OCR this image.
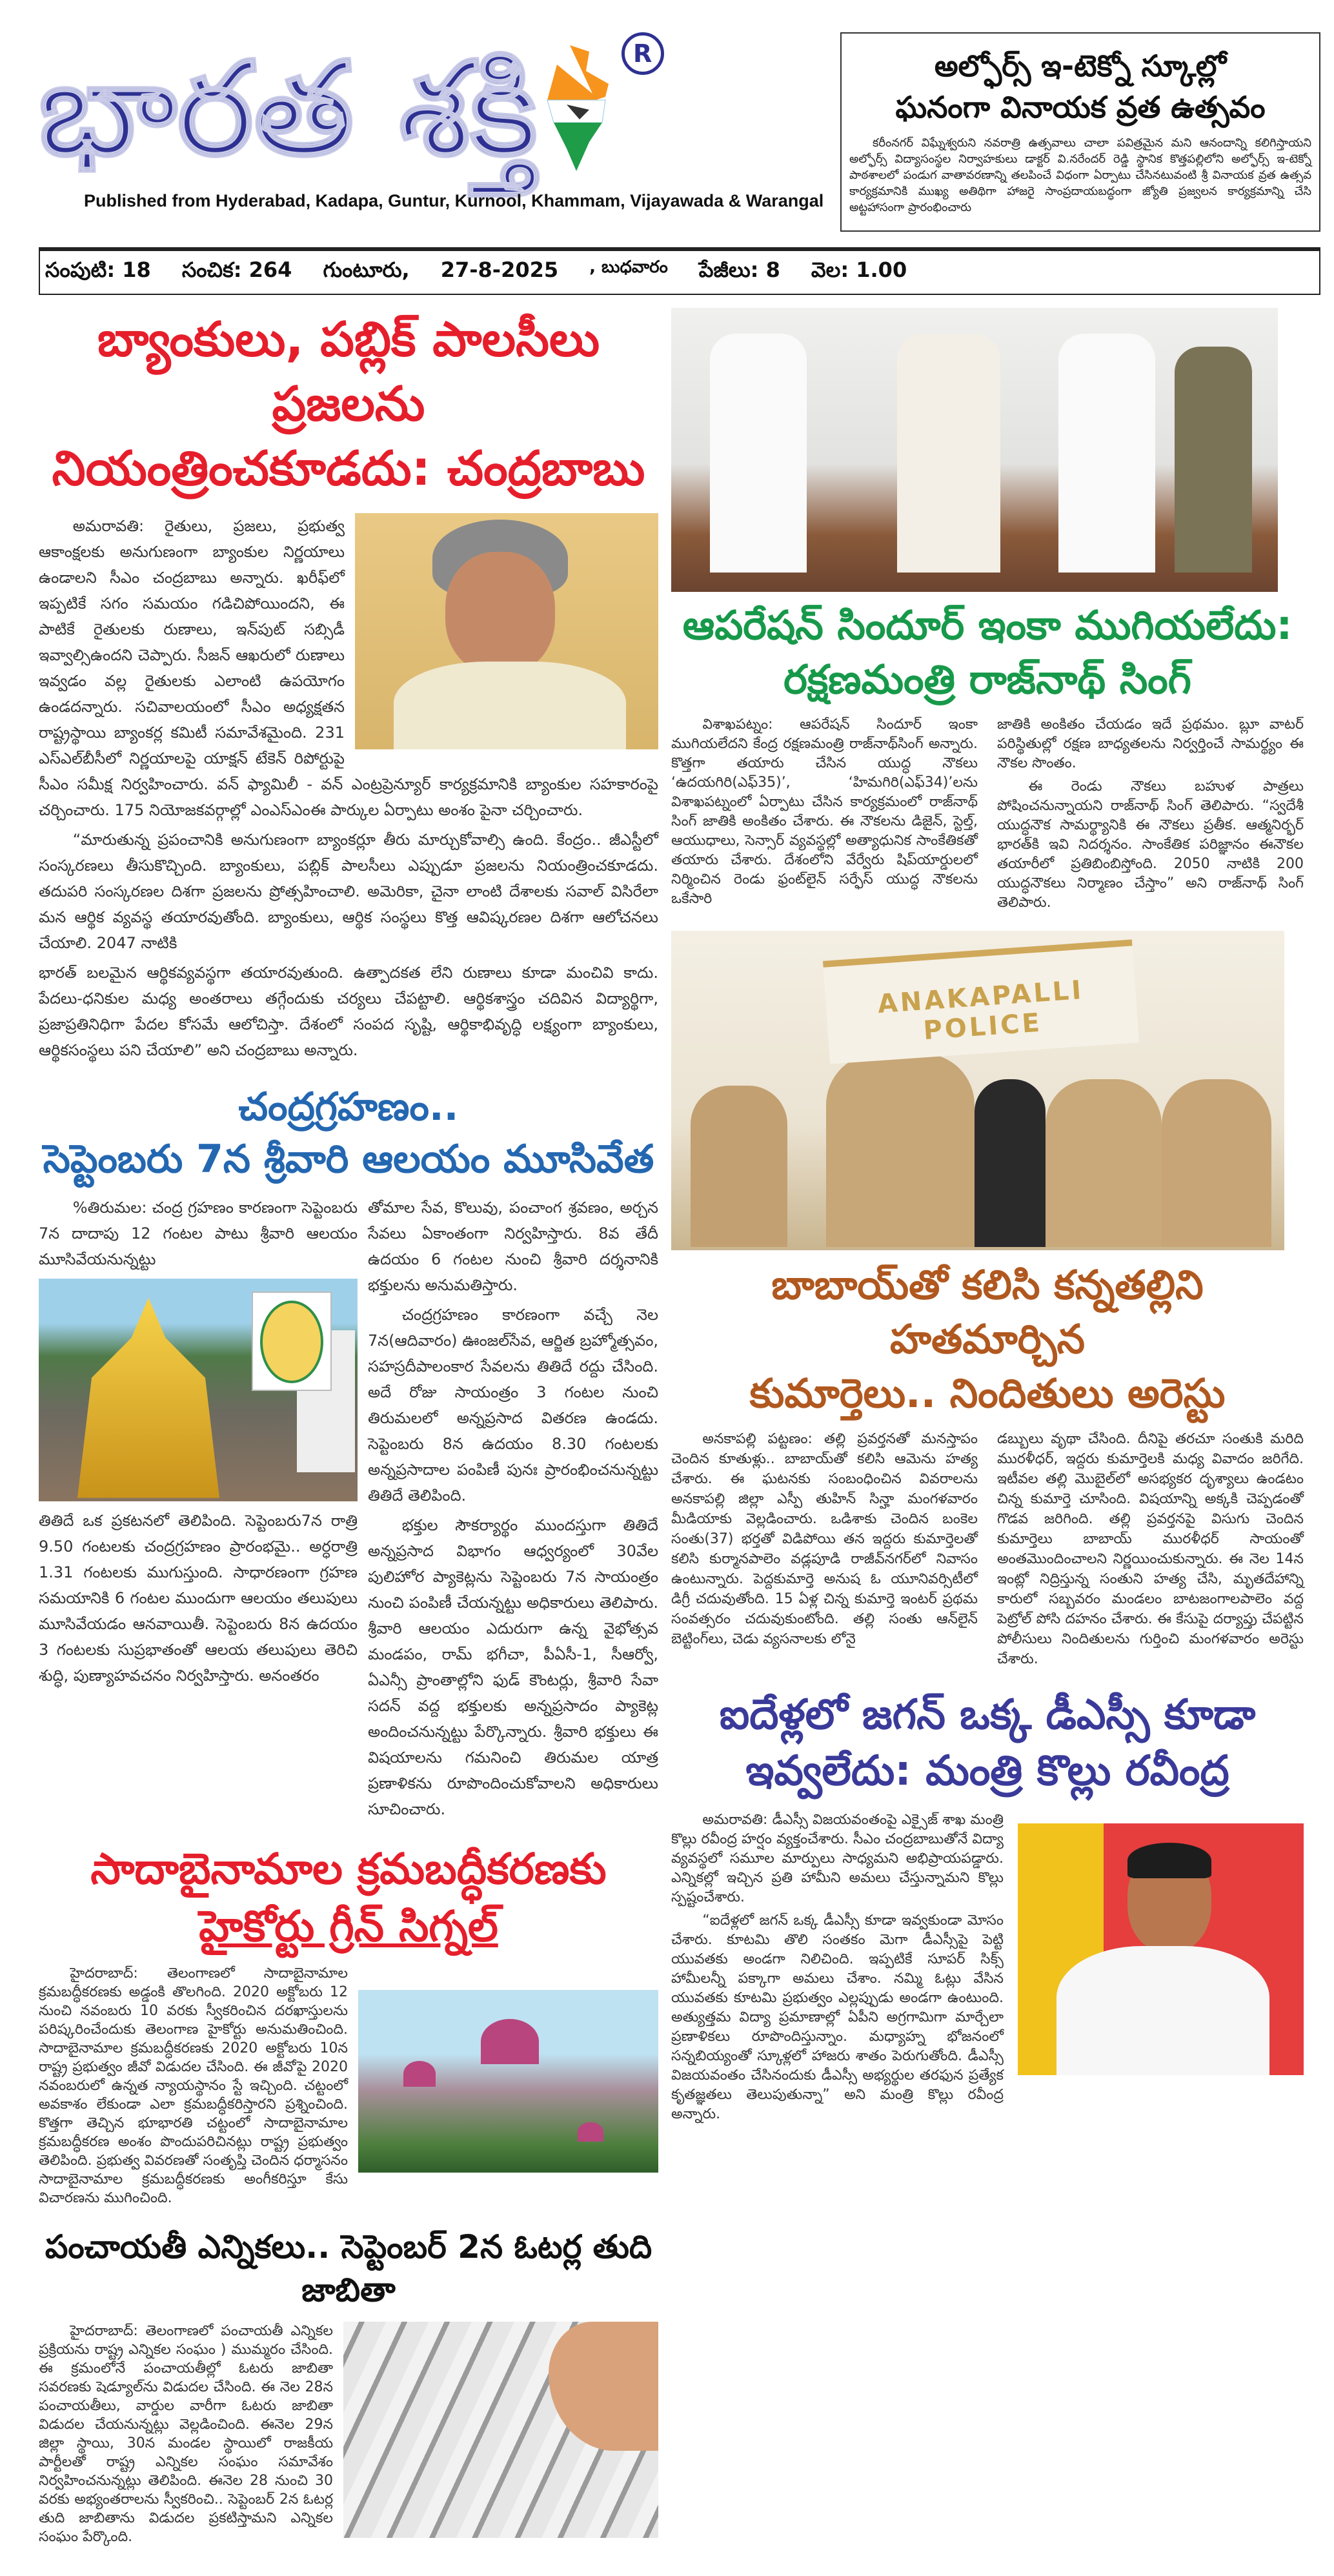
భారత శక్తి	R
Published from Hyderabad, Kadapa, Guntur, Kurnool, Khammam, Vijayawada & Warangal
అల్ఫోర్స్ ఇ-టెక్నో స్కూల్లో
ఘనంగా వినాయక వ్రత ఉత్సవం
కరీంనగర్ విఘ్నేశ్వరుని నవరాత్రి ఉత్సవాలు చాలా పవిత్రమైన మని ఆనందాన్ని కలిగిస్తాయని అల్ఫోర్స్ విద్యాసంస్థల నిర్వాహకులు డాక్టర్ వి.నరేందర్ రెడ్డి స్థానిక కొత్తపల్లిలోని అల్ఫోర్స్ ఇ-టెక్నో పాఠశాలలో పండుగ వాతావరణాన్ని తలపించే విధంగా ఏర్పాటు చేసినటువంటి శ్రీ వినాయక వ్రత ఉత్సవ కార్యక్రమానికి ముఖ్య అతిథిగా హాజరై సాంప్రదాయబద్ధంగా జ్యోతి ప్రజ్వలన కార్యక్రమాన్ని చేసి అట్టహాసంగా ప్రారంభించారు
సంపుటి: 18 సంచిక: 264 గుంటూరు, 27-8-2025 , బుధవారం పేజీలు: 8 వెల: 1.00
బ్యాంకులు, పబ్లిక్ పాలసీలు ప్రజలను
నియంత్రించకూడదు: చంద్రబాబు

అమరావతి: రైతులు, ప్రజలు, ప్రభుత్వ ఆకాంక్షలకు అనుగుణంగా బ్యాంకుల నిర్ణయాలు ఉండాలని సీఎం చంద్రబాబు అన్నారు. ఖరీఫ్‌లో ఇప్పటికే సగం సమయం గడిచిపోయిందని, ఈ పాటికే రైతులకు రుణాలు, ఇన్‌పుట్ సబ్సిడీ ఇవ్వాల్సిఉందని చెప్పారు. సీజన్ ఆఖరులో రుణాలు ఇవ్వడం వల్ల రైతులకు ఎలాంటి ఉపయోగం ఉండదన్నారు. సచివాలయంలో సీఎం అధ్యక్షతన రాష్ట్రస్థాయి బ్యాంకర్ల కమిటీ సమావేశమైంది. 231 ఎస్ఎల్‌బీసీలో నిర్ణయాలపై యాక్షన్ టేకెన్ రిపోర్టుపై సీఎం సమీక్ష నిర్వహించారు. వన్ ఫ్యామిలీ - వన్ ఎంట్రప్రెన్యూర్ కార్యక్రమానికి బ్యాంకుల సహకారంపై చర్చించారు. 175 నియోజకవర్గాల్లో ఎంఎస్ఎంఈ పార్కుల ఏర్పాటు అంశం పైనా చర్చించారు.

“మారుతున్న ప్రపంచానికి అనుగుణంగా బ్యాంకర్లూ తీరు మార్చుకోవాల్సి ఉంది. కేంద్రం.. జీఎస్టీలో సంస్కరణలు తీసుకొచ్చింది. బ్యాంకులు, పబ్లిక్ పాలసీలు ఎప్పుడూ ప్రజలను నియంత్రించకూడదు. తదుపరి సంస్కరణల దిశగా ప్రజలను ప్రోత్సహించాలి. అమెరికా, చైనా లాంటి దేశాలకు సవాల్ విసిరేలా మన ఆర్థిక వ్యవస్థ తయారవుతోంది. బ్యాంకులు, ఆర్థిక సంస్థలు కొత్త ఆవిష్కరణల దిశగా ఆలోచనలు చేయాలి. 2047 నాటికి

భారత్ బలమైన ఆర్థికవ్యవస్థగా తయారవుతుంది. ఉత్పాదకత లేని రుణాలు కూడా మంచివి కాదు. పేదలు-ధనికుల మధ్య అంతరాలు తగ్గేందుకు చర్యలు చేపట్టాలి. ఆర్థికశాస్త్రం చదివిన విద్యార్థిగా, ప్రజాప్రతినిధిగా పేదల కోసమే ఆలోచిస్తా. దేశంలో సంపద సృష్టి, ఆర్థికాభివృద్ధి లక్ష్యంగా బ్యాంకులు, ఆర్థికసంస్థలు పని చేయాలి” అని చంద్రబాబు అన్నారు.

చంద్రగ్రహణం..
సెప్టెంబరు 7న శ్రీవారి ఆలయం మూసివేత

%తిరుమల: చంద్ర గ్రహణం కారణంగా సెప్టెంబరు 7న దాదాపు 12 గంటల పాటు శ్రీవారి ఆలయం మూసివేయనున్నట్టు

తితిదే ఒక ప్రకటనలో తెలిపింది. సెప్టెంబరు7న రాత్రి 9.50 గంటలకు చంద్రగ్రహణం ప్రారంభమై.. అర్ధరాత్రి 1.31 గంటలకు ముగుస్తుంది. సాధారణంగా గ్రహణ సమయానికి 6 గంటల ముందుగా ఆలయం తలుపులు మూసివేయడం ఆనవాయితీ. సెప్టెంబరు 8న ఉదయం 3 గంటలకు సుప్రభాతంతో ఆలయ తలుపులు తెరిచి శుద్ధి, పుణ్యాహవచనం నిర్వహిస్తారు. అనంతరం

తోమాల సేవ, కొలువు, పంచాంగ శ్రవణం, అర్చన సేవలు ఏకాంతంగా నిర్వహిస్తారు. 8వ తేదీ ఉదయం 6 గంటల నుంచి శ్రీవారి దర్శనానికి భక్తులను అనుమతిస్తారు.

చంద్రగ్రహణం కారణంగా వచ్చే నెల 7న(ఆదివారం) ఊంజల్‌సేవ, ఆర్జిత బ్రహ్మోత్సవం, సహస్రదీపాలంకార సేవలను తితిదే రద్దు చేసింది. అదే రోజు సాయంత్రం 3 గంటల నుంచి తిరుమలలో అన్నప్రసాద వితరణ ఉండదు. సెప్టెంబరు 8న ఉదయం 8.30 గంటలకు అన్నప్రసాదాల పంపిణీ పునః ప్రారంభించనున్నట్టు తితిదే తెలిపింది.

భక్తుల సౌకర్యార్థం ముందస్తుగా తితిదే అన్నప్రసాద విభాగం ఆధ్వర్యంలో 30వేల పులిహోర ప్యాకెట్లను సెప్టెంబరు 7న సాయంత్రం నుంచి పంపిణీ చేయన్నట్టు అధికారులు తెలిపారు. శ్రీవారి ఆలయం ఎదురుగా ఉన్న వైభోత్సవ మండపం, రామ్ భగీచా, పీఏసీ-1, సీఆర్వో, ఏఎన్సీ ప్రాంతాల్లోని ఫుడ్ కౌంటర్లు, శ్రీవారి సేవా సదన్ వద్ద భక్తులకు అన్నప్రసాదం ప్యాకెట్ల అందించనున్నట్టు పేర్కొన్నారు. శ్రీవారి భక్తులు ఈ విషయాలను గమనించి తిరుమల యాత్ర ప్రణాళికను రూపొందించుకోవాలని అధికారులు సూచించారు.

సాదాబైనామాల క్రమబద్ధీకరణకు
హైకోర్టు గ్రీన్ సిగ్నల్

హైదరాబాద్: తెలంగాణలో సాదాబైనామాల క్రమబద్ధీకరణకు అడ్డంకి తొలగింది. 2020 అక్టోబరు 12 నుంచి నవంబరు 10 వరకు స్వీకరించిన దరఖాస్తులను పరిష్కరించేందుకు తెలంగాణ హైకోర్టు అనుమతించింది. సాదాబైనామాల క్రమబద్ధీకరణకు 2020 అక్టోబరు 10న రాష్ట్ర ప్రభుత్వం జీవో విడుదల చేసింది. ఈ జీవోపై 2020 నవంబరులో ఉన్నత న్యాయస్థానం స్టే ఇచ్చింది. చట్టంలో అవకాశం లేకుండా ఎలా క్రమబద్ధీకరిస్తారని ప్రశ్నించింది. కొత్తగా తెచ్చిన భూభారతి చట్టంలో సాదాబైనామాల క్రమబద్ధీకరణ అంశం పొందుపరిచినట్లు రాష్ట్ర ప్రభుత్వం తెలిపింది. ప్రభుత్వ వివరణతో సంతృప్తి చెందిన ధర్మాసనం సాదాబైనామాల క్రమబద్ధీకరణకు అంగీకరిస్తూ కేసు విచారణను ముగించింది.

పంచాయతీ ఎన్నికలు.. సెప్టెంబర్ 2న ఓటర్ల తుది జాబితా

హైదరాబాద్: తెలంగాణలో పంచాయతీ ఎన్నికల ప్రక్రియను రాష్ట్ర ఎన్నికల సంఘం ) ముమ్మరం చేసింది. ఈ క్రమంలోనే పంచాయతీల్లో ఓటరు జాబితా సవరణకు షెడ్యూల్‌ను విడుదల చేసింది. ఈ నెల 28న పంచాయతీలు, వార్డుల వారీగా ఓటరు జాబితా విడుదల చేయనున్నట్లు వెల్లడించింది. ఈనెల 29న జిల్లా స్థాయి, 30న మండల స్థాయిలో రాజకీయ పార్టీలతో రాష్ట్ర ఎన్నికల సంఘం సమావేశం నిర్వహించనున్నట్లు తెలిపింది. ఈనెల 28 నుంచి 30 వరకు అభ్యంతరాలను స్వీకరించి.. సెప్టెంబర్ 2న ఓటర్ల తుది జాబితాను విడుదల ప్రకటిస్తామని ఎన్నికల సంఘం పేర్కొంది.

ఆపరేషన్ సిందూర్ ఇంకా ముగియలేదు:
రక్షణమంత్రి రాజ్‌నాథ్ సింగ్

విశాఖపట్నం: ఆపరేషన్ సిందూర్ ఇంకా ముగియలేదని కేంద్ర రక్షణమంత్రి రాజ్‌నాథ్‌సింగ్ అన్నారు. కొత్తగా తయారు చేసిన యుద్ధ నౌకలు ‘ఉదయగిరి(ఎఫ్35)’, ‘హిమగిరి(ఎఫ్34)’లను విశాఖపట్నంలో ఏర్పాటు చేసిన కార్యక్రమంలో రాజ్‌నాథ్ సింగ్ జాతికి అంకితం చేశారు. ఈ నౌకలను డిజైన్, స్టెల్త్, ఆయుధాలు, సెన్సార్ వ్యవస్థల్లో అత్యాధునిక సాంకేతికతో తయారు చేశారు. దేశంలోని వేర్వేరు షిప్‌యార్డులలో నిర్మించిన రెండు ఫ్రంట్‌లైన్ సర్ఫేస్ యుద్ధ నౌకలను ఒకేసారి

జాతికి అంకితం చేయడం ఇదే ప్రథమం. బ్లూ వాటర్ పరిస్థితుల్లో రక్షణ బాధ్యతలను నిర్వర్తించే సామర్థ్యం ఈ నౌకల సొంతం.

ఈ రెండు నౌకలు బహుళ పాత్రలు పోషించనున్నాయని రాజ్‌నాథ్ సింగ్ తెలిపారు. “స్వదేశీ యుద్ధనౌక సామర్థ్యానికి ఈ నౌకలు ప్రతీక. ఆత్మనిర్భర్ భారత్‌కి ఇవి నిదర్శనం. సాంకేతిక పరిజ్ఞానం ఈనౌకల తయారీలో ప్రతిబింబిస్తోంది. 2050 నాటికి 200 యుద్ధనౌకలు నిర్మాణం చేస్తాం” అని రాజ్‌నాథ్ సింగ్ తెలిపారు.

ANAKAPALLI POLICE
బాబాయ్‌తో కలిసి కన్నతల్లిని హతమార్చిన
కుమార్తెలు.. నిందితులు అరెస్టు

అనకాపల్లి పట్టణం: తల్లి ప్రవర్తనతో మనస్తాపం చెందిన కూతుళ్లు.. బాబాయ్‌తో కలిసి ఆమెను హత్య చేశారు. ఈ ఘటనకు సంబంధించిన వివరాలను అనకాపల్లి జిల్లా ఎస్పీ తుహిన్ సిన్హా మంగళవారం మీడియాకు వెల్లడించారు. ఒడిశాకు చెందిన బంకెల సంతు(37) భర్తతో విడిపోయి తన ఇద్దరు కుమార్తెలతో కలిసి కుర్మానపాలెం వడ్లపూడి రాజీవ్‌నగర్‌లో నివాసం ఉంటున్నారు. పెద్దకుమార్తె అనుష ఓ యూనివర్సిటీలో డిగ్రీ చదువుతోంది. 15 ఏళ్ల చిన్న కుమార్తె ఇంటర్ ప్రథమ సంవత్సరం చదువుకుంటోంది. తల్లి సంతు ఆన్‌లైన్ బెట్టింగ్‌లు, చెడు వ్యసనాలకు లోనై

డబ్బులు వృథా చేసింది. దీనిపై తరచూ సంతుకి మరిది మురళీధర్, ఇద్దరు కుమార్తెలకి మధ్య వివాదం జరిగేది. ఇటీవల తల్లి మొబైల్‌లో అసభ్యకర దృశ్యాలు ఉండటం చిన్న కుమార్తె చూసింది. విషయాన్ని అక్కకి చెప్పడంతో గొడవ జరిగింది. తల్లి ప్రవర్తనపై విసుగు చెందిన కుమార్తెలు బాబాయ్ మురళీధర్ సాయంతో అంతమొందించాలని నిర్ణయించుకున్నారు. ఈ నెల 14న ఇంట్లో నిద్రిస్తున్న సంతుని హత్య చేసి, మృతదేహాన్ని కారులో సబ్బవరం మండలం బాటజంగాలపాలెం వద్ద పెట్రోల్ పోసి దహనం చేశారు. ఈ కేసుపై దర్యాప్తు చేపట్టిన పోలీసులు నిందితులను గుర్తించి మంగళవారం అరెస్టు చేశారు.

ఐదేళ్లలో జగన్ ఒక్క డీఎస్సీ కూడా
ఇవ్వలేదు: మంత్రి కొల్లు రవీంద్ర

అమరావతి: డీఎస్సీ విజయవంతంపై ఎక్సైజ్ శాఖ మంత్రి కొల్లు రవీంద్ర హర్షం వ్యక్తంచేశారు. సీఎం చంద్రబాబుతోనే విద్యా వ్యవస్థలో సమూల మార్పులు సాధ్యమని అభిప్రాయపడ్డారు. ఎన్నికల్లో ఇచ్చిన ప్రతి హామీని అమలు చేస్తున్నామని కొల్లు స్పష్టంచేశారు.

“ఐదేళ్లలో జగన్ ఒక్క డీఎస్సీ కూడా ఇవ్వకుండా మోసం చేశారు. కూటమి తొలి సంతకం మెగా డీఎస్సీపై పెట్టి యువతకు అండగా నిలిచింది. ఇప్పటికే సూపర్ సిక్స్ హామీలన్నీ పక్కాగా అమలు చేశాం. నమ్మి ఓట్లు వేసిన యువతకు కూటమి ప్రభుత్వం ఎల్లప్పుడు అండగా ఉంటుంది. అత్యుత్తమ విద్యా ప్రమాణాల్లో ఏపీని అగ్రగామిగా మార్చేలా ప్రణాళికలు రూపొందిస్తున్నాం. మధ్యాహ్న భోజనంలో సన్నబియ్యంతో స్కూళ్లలో హాజరు శాతం పెరుగుతోంది. డీఎస్సీ విజయవంతం చేసినందుకు డీఎస్సీ అభ్యర్థుల తరఫున ప్రత్యేక కృతజ్ఞతలు తెలుపుతున్నా” అని మంత్రి కొల్లు రవీంద్ర అన్నారు.
